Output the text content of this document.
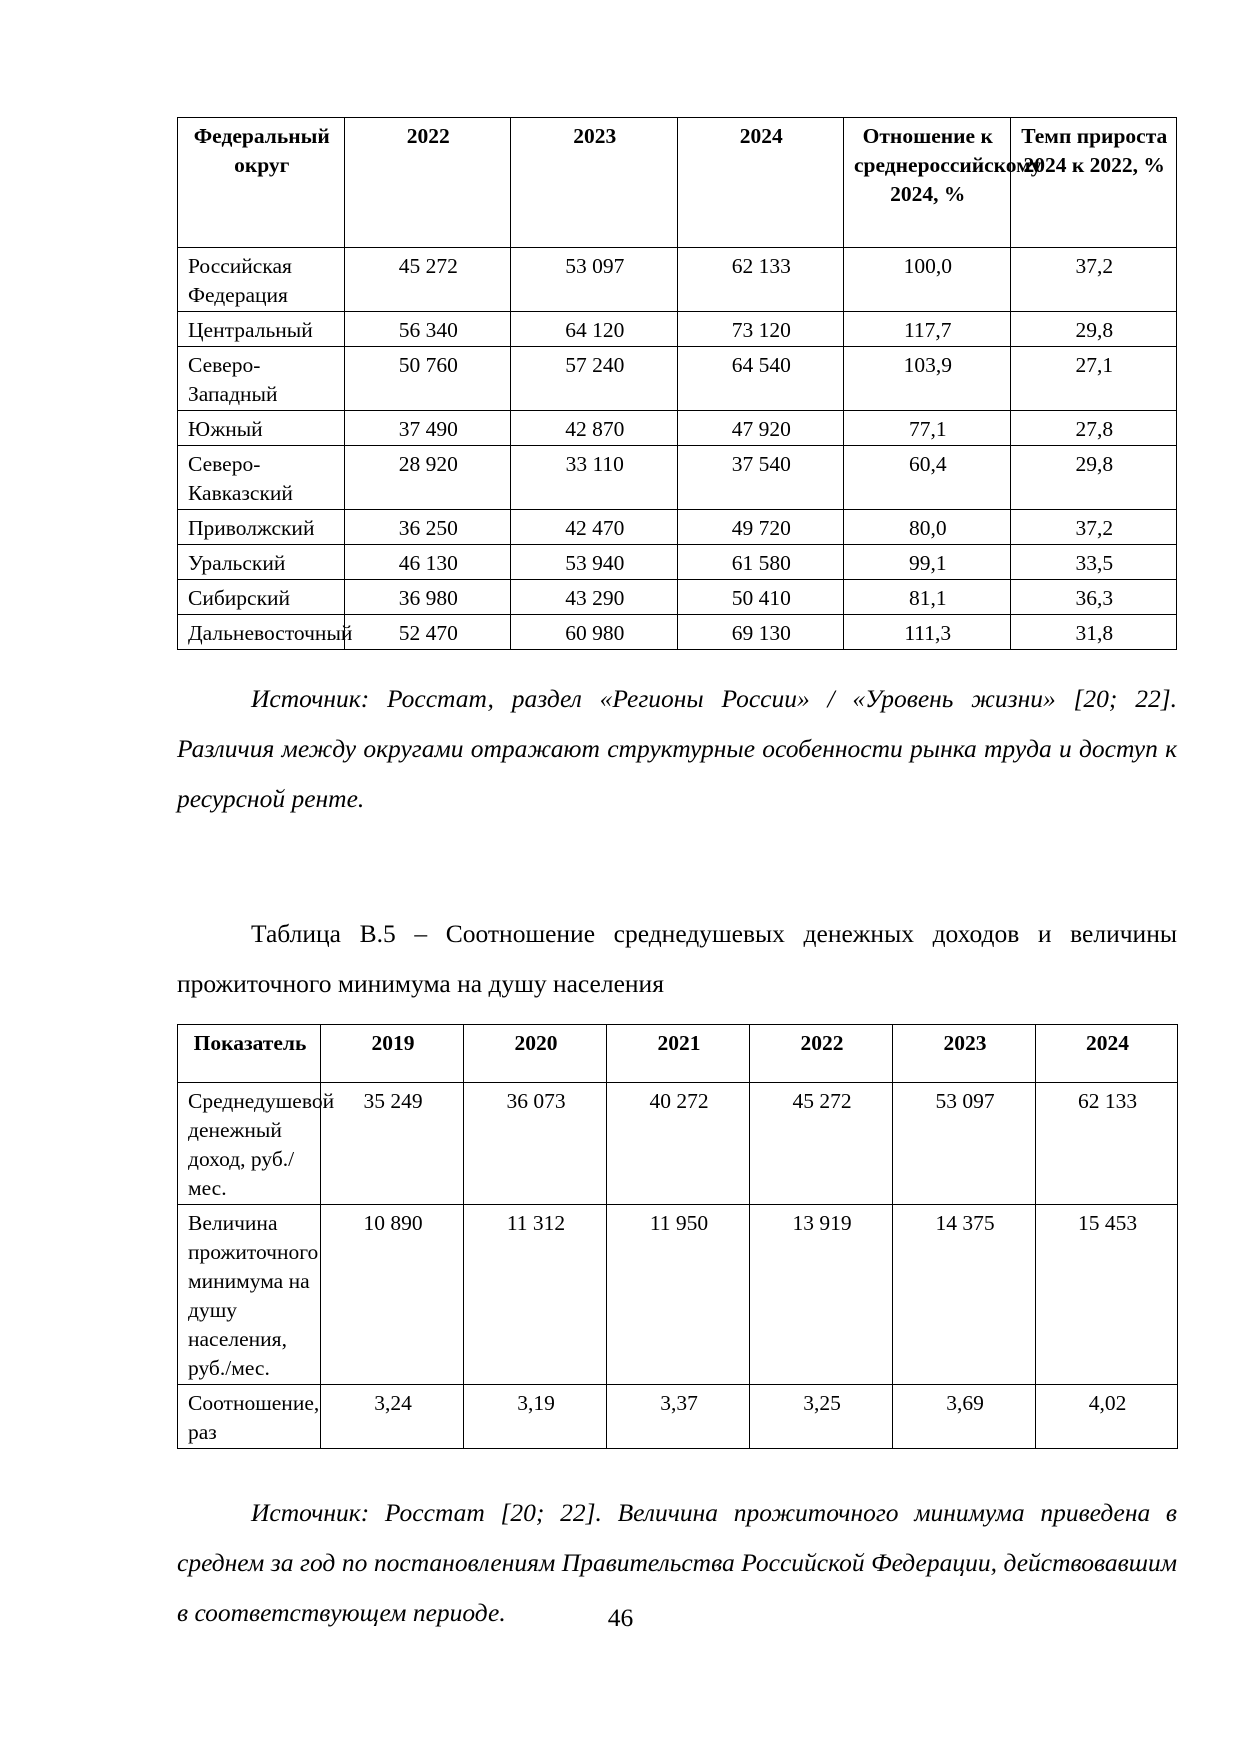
Федеральный округ	2022	2023	2024	Отношение к среднероссийскому 2024, %	Темп прироста 2024 к 2022, %
Российская Федерация	45 272	53 097	62 133	100,0	37,2
Центральный	56 340	64 120	73 120	117,7	29,8
Северо-Западный	50 760	57 240	64 540	103,9	27,1
Южный	37 490	42 870	47 920	77,1	27,8
Северо-Кавказский	28 920	33 110	37 540	60,4	29,8
Приволжский	36 250	42 470	49 720	80,0	37,2
Уральский	46 130	53 940	61 580	99,1	33,5
Сибирский	36 980	43 290	50 410	81,1	36,3
Дальневосточный	52 470	60 980	69 130	111,3	31,8
Источник: Росстат, раздел «Регионы России» / «Уровень жизни» [20; 22]. Различия между округами отражают структурные особенности рынка труда и доступ к ресурсной ренте.
Таблица В.5 – Соотношение среднедушевых денежных доходов и величины прожиточного минимума на душу населения
Показатель	2019	2020	2021	2022	2023	2024
Среднедушевой денежный доход, руб./мес.	35 249	36 073	40 272	45 272	53 097	62 133
Величина прожиточного минимума на душу населения, руб./мес.	10 890	11 312	11 950	13 919	14 375	15 453
Соотношение, раз	3,24	3,19	3,37	3,25	3,69	4,02
Источник: Росстат [20; 22]. Величина прожиточного минимума приведена в среднем за год по постановлениям Правительства Российской Федерации, действовавшим в соответствующем периоде.	46
